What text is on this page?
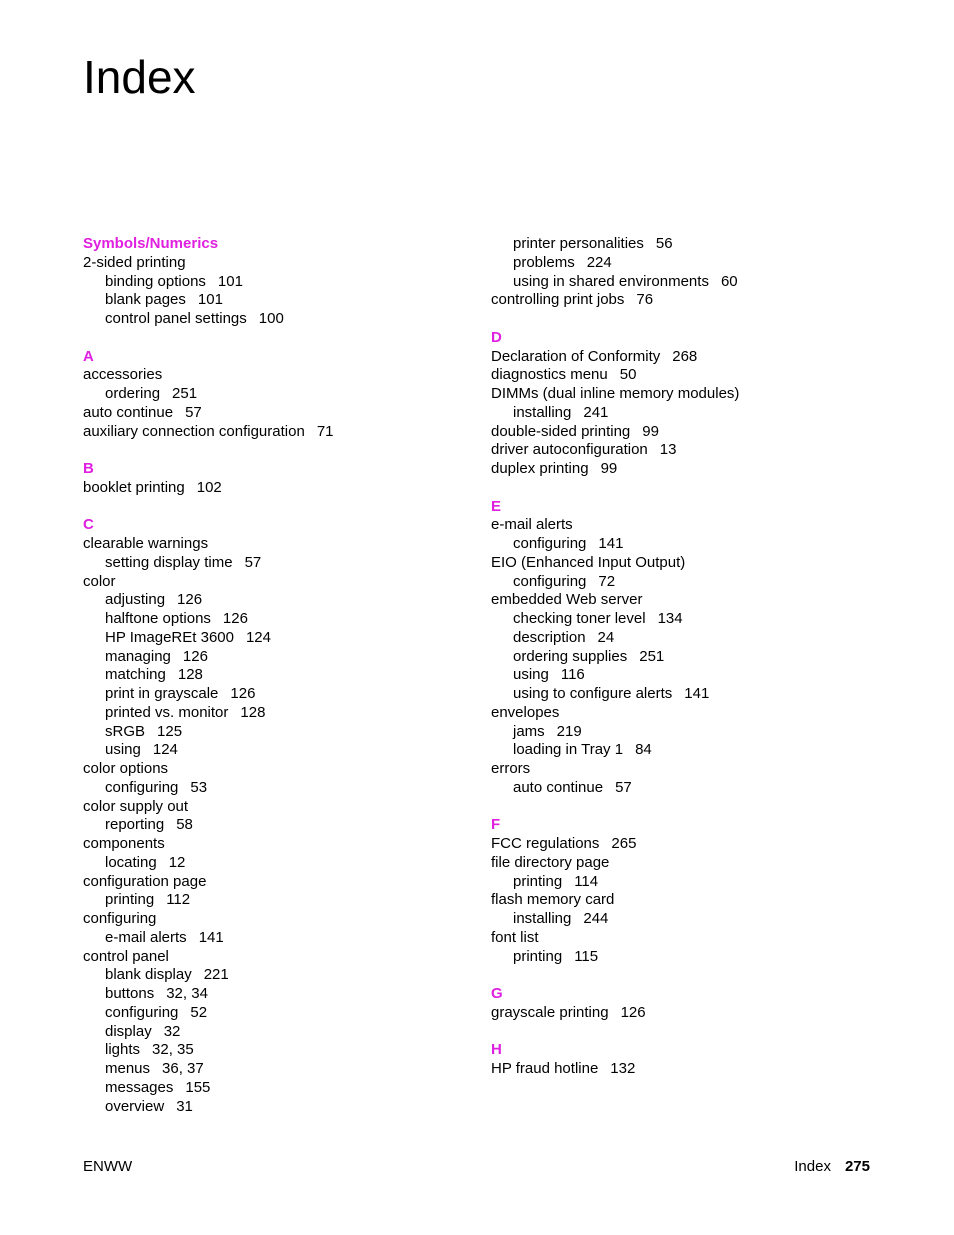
Index
Symbols/Numerics
2-sided printing
binding options 101
blank pages 101
control panel settings 100
A
accessories
ordering 251
auto continue 57
auxiliary connection configuration 71
B
booklet printing 102
C
clearable warnings
setting display time 57
color
adjusting 126
halftone options 126
HP ImageREt 3600 124
managing 126
matching 128
print in grayscale 126
printed vs. monitor 128
sRGB 125
using 124
color options
configuring 53
color supply out
reporting 58
components
locating 12
configuration page
printing 112
configuring
e-mail alerts 141
control panel
blank display 221
buttons 32, 34
configuring 52
display 32
lights 32, 35
menus 36, 37
messages 155
overview 31
printer personalities 56
problems 224
using in shared environments 60
controlling print jobs 76
D
Declaration of Conformity 268
diagnostics menu 50
DIMMs (dual inline memory modules)
installing 241
double-sided printing 99
driver autoconfiguration 13
duplex printing 99
E
e-mail alerts
configuring 141
EIO (Enhanced Input Output)
configuring 72
embedded Web server
checking toner level 134
description 24
ordering supplies 251
using 116
using to configure alerts 141
envelopes
jams 219
loading in Tray 1 84
errors
auto continue 57
F
FCC regulations 265
file directory page
printing 114
flash memory card
installing 244
font list
printing 115
G
grayscale printing 126
H
HP fraud hotline 132
ENWW	Index 275
